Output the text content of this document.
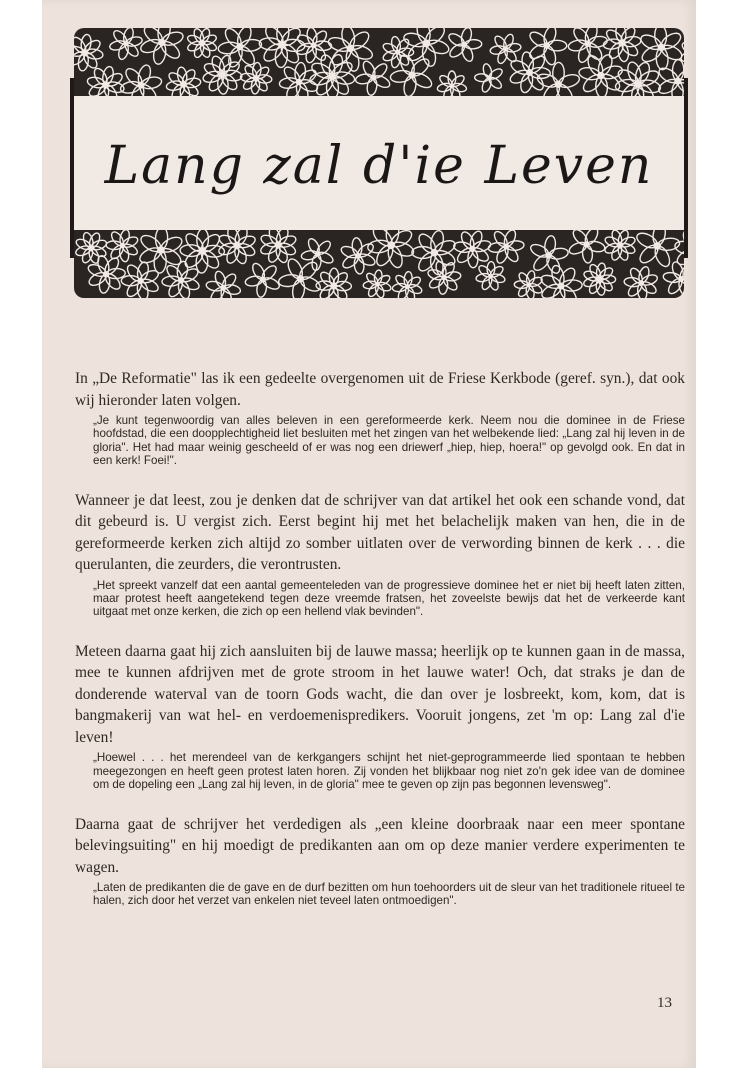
Lang zal d'ie Leven

In „De Reformatie" las ik een gedeelte overgenomen uit de Friese Kerkbode (geref. syn.), dat ook wij hieronder laten volgen.

„Je kunt tegenwoordig van alles beleven in een gereformeerde kerk. Neem nou die dominee in de Friese hoofdstad, die een doopplechtigheid liet besluiten met het zingen van het welbekende lied: „Lang zal hij leven in de gloria". Het had maar weinig gescheeld of er was nog een driewerf „hiep, hiep, hoera!" op gevolgd ook. En dat in een kerk! Foei!".

Wanneer je dat leest, zou je denken dat de schrijver van dat artikel het ook een schande vond, dat dit gebeurd is. U vergist zich. Eerst begint hij met het belachelijk maken van hen, die in de gereformeerde kerken zich altijd zo somber uitlaten over de verwording binnen de kerk . . . die querulanten, die zeurders, die verontrusten.

„Het spreekt vanzelf dat een aantal gemeenteleden van de progressieve dominee het er niet bij heeft laten zitten, maar protest heeft aangetekend tegen deze vreemde fratsen, het zoveelste bewijs dat het de verkeerde kant uitgaat met onze kerken, die zich op een hellend vlak bevinden".

Meteen daarna gaat hij zich aansluiten bij de lauwe massa; heerlijk op te kunnen gaan in de massa, mee te kunnen afdrijven met de grote stroom in het lauwe water! Och, dat straks je dan de donderende waterval van de toorn Gods wacht, die dan over je losbreekt, kom, kom, dat is bangmakerij van wat hel- en verdoemenispredikers. Vooruit jongens, zet 'm op: Lang zal d'ie leven!

„Hoewel . . . het merendeel van de kerkgangers schijnt het niet-geprogrammeerde lied spontaan te hebben meegezongen en heeft geen protest laten horen. Zij vonden het blijkbaar nog niet zo'n gek idee van de dominee om de dopeling een „Lang zal hij leven, in de gloria" mee te geven op zijn pas begonnen levensweg".

Daarna gaat de schrijver het verdedigen als „een kleine doorbraak naar een meer spontane belevingsuiting" en hij moedigt de predikanten aan om op deze manier verdere experimenten te wagen.

„Laten de predikanten die de gave en de durf bezitten om hun toehoorders uit de sleur van het traditionele ritueel te halen, zich door het verzet van enkelen niet teveel laten ontmoedigen".

13
